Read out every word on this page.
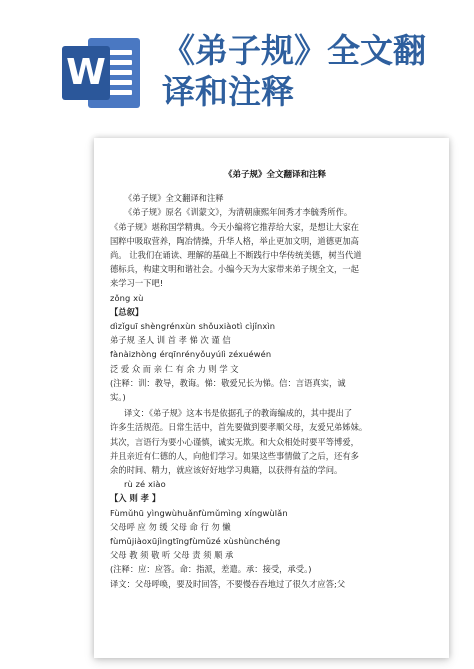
W
《弟子规》全文翻
译和注释
《弟子规》全文翻译和注释

《弟子规》全文翻译和注释

《弟子规》原名《训蒙文》，为清朝康熙年间秀才李毓秀所作。

《弟子规》堪称国学精典。今天小编将它推荐给大家，是想让大家在

国粹中吸取营养，陶冶情操，升华人格，举止更加文明，道德更加高

尚。 让我们在诵读、理解的基础上不断践行中华传统美德，树当代道

德标兵，构建文明和谐社会。小编今天为大家带来弟子规全文，一起

来学习一下吧!

zǒng xù

【总叙】

dìzǐguī shèngrénxùn shǒuxiàotì cìjǐnxìn

弟子规 圣人 训 首 孝 悌 次 谨 信

fànàizhòng érqīnrényǒuyúlì zéxuéwén

泛 爱 众 而 亲 仁 有 余 力 则 学 文

(注释：训：教导，教诲。悌：敬爱兄长为悌。信：言语真实，诚

实。)

译文：《弟子规》这本书是依据孔子的教诲编成的，其中提出了

许多生活规范。日常生活中，首先要做到要孝顺父母，友爱兄弟姊妹。

其次，言语行为要小心谨慎，诚实无欺。和大众相处时要平等博爱，

并且亲近有仁德的人，向他们学习。如果这些事情做了之后，还有多

余的时间、精力，就应该好好地学习典籍，以获得有益的学问。

rù zé xiào

【入 则 孝 】

Fùmǔhū yìngwùhuǎnfùmǔmìng xíngwùlǎn

父母呼 应 勿 缓 父母 命 行 勿 懒

fùmǔjiàoxūjìngtīngfùmǔzé xùshùnchéng

父母 教 须 敬 听 父母 责 须 顺 承

(注释：应：应答。命：指派，差遣。承：接受，承受。)

译文：父母呼唤，要及时回答，不要慢吞吞地过了很久才应答;父
